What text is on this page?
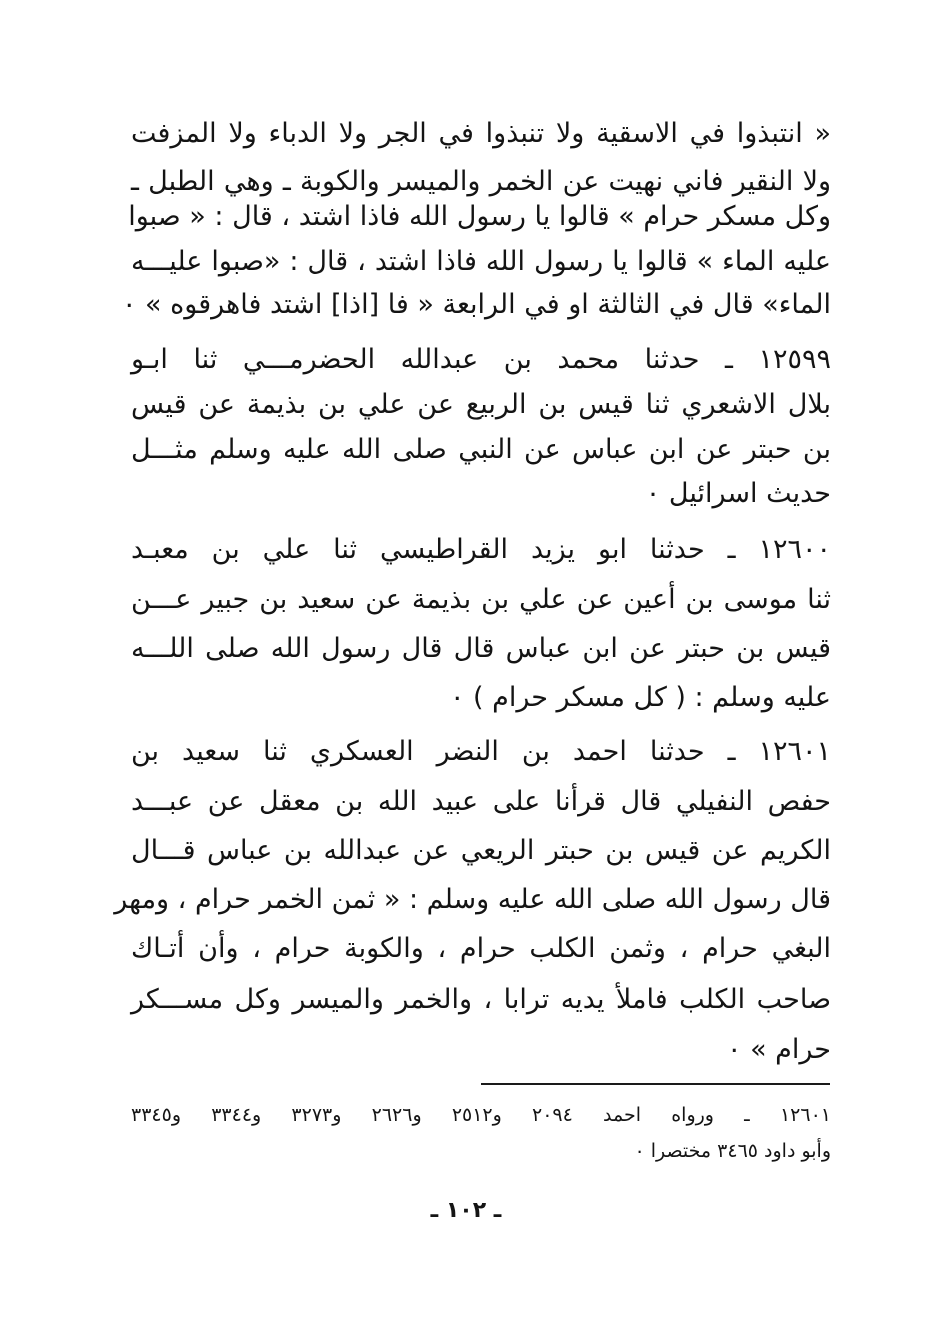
« انتبذوا في الاسقية ولا تنبذوا في الجر ولا الدباء ولا المزفت
ولا النقير فاني نهيت عن الخمر والميسر والكوبة ـ وهي الطبل ـ
وكل مسكر حرام » قالوا يا رسول الله فاذا اشتد ، قال : « صبوا
عليه الماء » قالوا يا رسول الله فاذا اشتد ، قال : «صبوا عليـــه
الماء» قال في الثالثة او في الرابعة « فا [اذا] اشتد فاهرقوه » ٠
١٢٥٩٩ ـ حدثنا محمد بن عبدالله الحضرمـــي ثنا ابـو
بلال الاشعري ثنا قيس بن الربيع عن علي بن بذيمة عن قيس
بن حبتر عن ابن عباس عن النبي صلى الله عليه وسلم مثـــل
حديث اسرائيل ٠
١٢٦٠٠ ـ حدثنا ابو يزيد القراطيسي ثنا علي بن معبـد
ثنا موسى بن أعين عن علي بن بذيمة عن سعيد بن جبير عـــن
قيس بن حبتر عن ابن عباس قال قال رسول الله صلى اللـــه
عليه وسلم : ( كل مسكر حرام ) ٠
١٢٦٠١ ـ حدثنا احمد بن النضر العسكري ثنا سعيد بن
حفص النفيلي قال قرأنا على عبيد الله بن معقل عن عبـــد
الكريم عن قيس بن حبتر الريعي عن عبدالله بن عباس قـــال
قال رسول الله صلى الله عليه وسلم : « ثمن الخمر حرام ، ومهر
البغي حرام ، وثمن الكلب حرام ، والكوبة حرام ، وأن أتـاك
صاحب الكلب فاملأ يديه ترابا ، والخمر والميسر وكل مســـكر
حرام » ٠
١٢٦٠١ ـ ورواه احمد ٢٠٩٤ و٢٥١٢ و٢٦٢٦ و٣٢٧٣ و٣٣٤٤ و٣٣٤٥
وأبو داود ٣٤٦٥ مختصرا ٠
ـ ١٠٢ ـ
